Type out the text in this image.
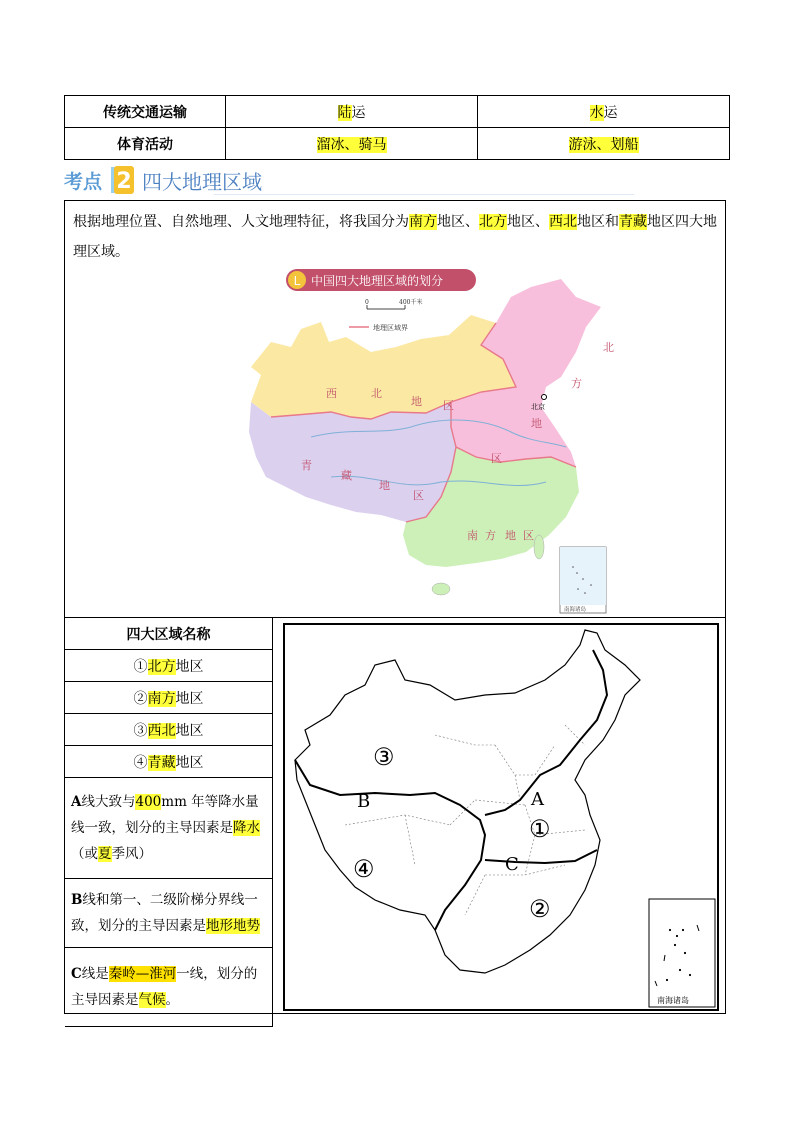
传统交通运输	陆运	水运
体育活动	溜冰、骑马	游泳、划船
考点 2 四大地理区域
根据地理位置、自然地理、人文地理特征，将我国分为南方地区、北方地区、西北地区和青藏地区四大地理区域。
L 中国四大地理区域的划分
0	400千米
地理区域界
西	北
地 区
北
方
地
区
青
藏
地
区
南 方 地 区
北京
南海诸岛
四大区域名称
①北方地区
②南方地区
③西北地区
④青藏地区
A线大致与400mm 年等降水量线一致，划分的主导因素是降水（或夏季风）
B线和第一、二级阶梯分界线一致，划分的主导因素是地形地势
C线是秦岭—淮河一线，划分的主导因素是气候。
③
①
②
④
A
B
C
南海诸岛
